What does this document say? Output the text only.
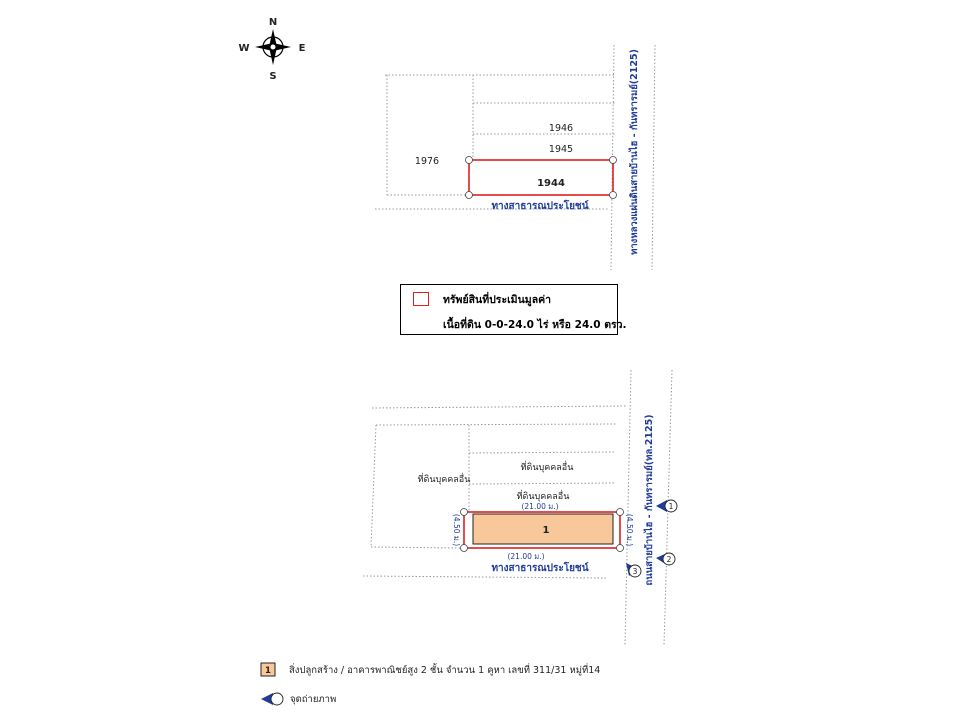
N
S
E
W
1946
1945
1976
1944
ทางสาธารณประโยชน์	ทางหลวงแผ่นดินสายบ้านไฮ - กันทรารมย์(2125)
1
ที่ดินบุคคลอื่น
ที่ดินบุคคลอื่น
ที่ดินบุคคลอื่น
(21.00 ม.)
(21.00 ม.)
(4.50 ม.)	(4.50 ม.)
ทางสาธารณประโยชน์	ถนนสายบ้านไฮ - กันทรารมย์(ทล.2125) 1
2
3
1 สิ่งปลูกสร้าง / อาคารพาณิชย์สูง 2 ชั้น จำนวน 1 คูหา เลขที่ 311/31 หมู่ที่14
จุดถ่ายภาพ
ทรัพย์สินที่ประเมินมูลค่า
เนื้อที่ดิน 0-0-24.0 ไร่ หรือ 24.0 ตรว.
